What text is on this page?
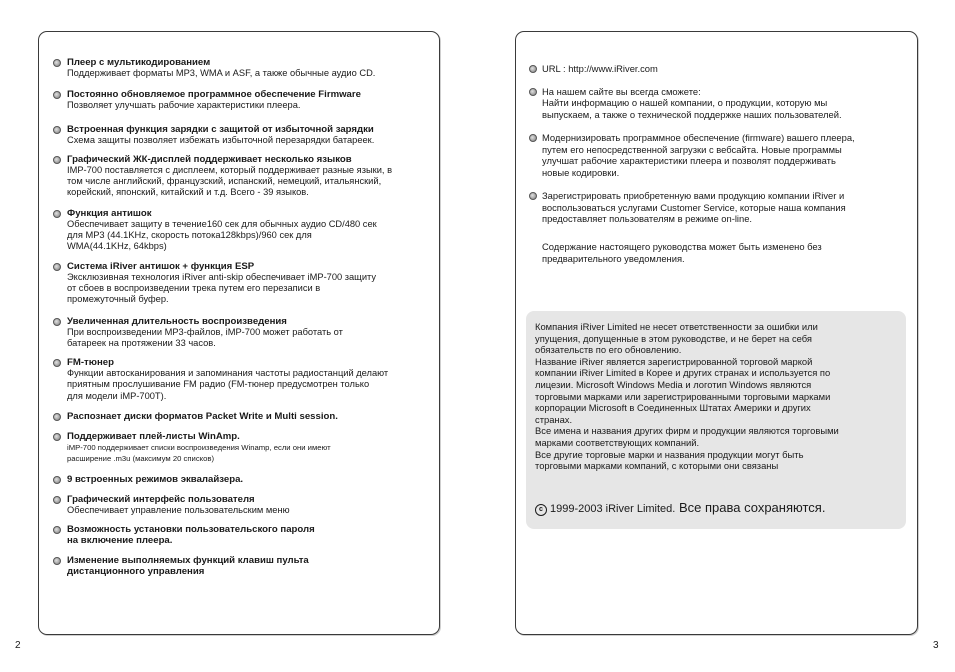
Плеер с мультикодированием
Поддерживает форматы MP3, WMA и ASF, а также обычные аудио CD.
Постоянно обновляемое программное обеспечение Firmware
Позволяет улучшать рабочие характеристики плеера.
Встроенная функция зарядки с защитой от избыточной зарядки
Схема защиты позволяет избежать избыточной перезарядки батареек.
Графический ЖК-дисплей поддерживает несколько языков
IMP-700 поставляется с дисплеем, который поддерживает разные языки, в
том числе английский, французский, испанский, немецкий, итальянский,
корейский, японский, китайский и т.д. Всего - 39 языков.
Функция антишок
Обеспечивает защиту в течение160 сек для обычных аудио CD/480 сек
для MP3 (44.1KHz, скорость потока128kbps)/960 сек для
WMA(44.1KHz, 64kbps)
Система iRiver антишок + функция ESP
Эксклюзивная технология iRiver anti-skip обеспечивает iMP-700 защиту
от сбоев в воспроизведении трека путем его перезаписи в
промежуточный буфер.
Увеличенная длительность воспроизведения
При воспроизведении MP3-файлов, iMP-700 может работать от
батареек на протяжении 33 часов.
FM-тюнер
Функции автосканирования и запоминания частоты радиостанций делают
приятным прослушивание FM радио (FM-тюнер предусмотрен только
для модели iMP-700T).
Распознает диски форматов Packet Write и Multi session.
Поддерживает плей-листы WinAmp.
iMP-700 поддерживает списки воспроизведения Winamp, если они имеют
расширение .m3u (максимум 20 списков)
9 встроенных режимов эквалайзера.
Графический интерфейс пользователя
Обеспечивает управление пользовательским меню
Возможность установки пользовательского пароля
на включение плеера.
Изменение выполняемых функций клавиш пульта
дистанционного управления
URL : http://www.iRiver.com
На нашем сайте вы всегда сможете:
Найти информацию о нашей компании, о продукции, которую мы
выпускаем, а также о технической поддержке наших пользователей.
Модернизировать программное обеспечение (firmware) вашего плеера,
путем его непосредственной загрузки с вебсайта. Новые программы
улучшат рабочие характеристики плеера и позволят поддерживать
новые кодировки.
Зарегистрировать приобретенную вами продукцию компании iRiver и
воспользоваться услугами Customer Service, которые наша компания
предоставляет пользователям в режиме on-line.
Содержание настоящего руководства может быть изменено без
предварительного уведомления.
Компания iRiver Limited не несет ответственности за ошибки или
упущения, допущенные в этом руководстве, и не берет на себя
обязательств по его обновлению.
Название iRiver является зарегистрированной торговой маркой
компании iRiver Limited в Корее и других странах и используется по
лицезии. Microsoft Windows Media и логотип Windows являются
торговыми марками или зарегистрированными торговыми марками
корпорации Microsoft в Соединенных Штатах Америки и других
странах.
Все имена и названия других фирм и продукции являются торговыми
марками соответствующих компаний.
Все другие торговые марки и названия продукции могут быть
торговыми марками компаний, с которыми они связаны
c 1999-2003 iRiver Limited. Все права сохраняются.
2	3
